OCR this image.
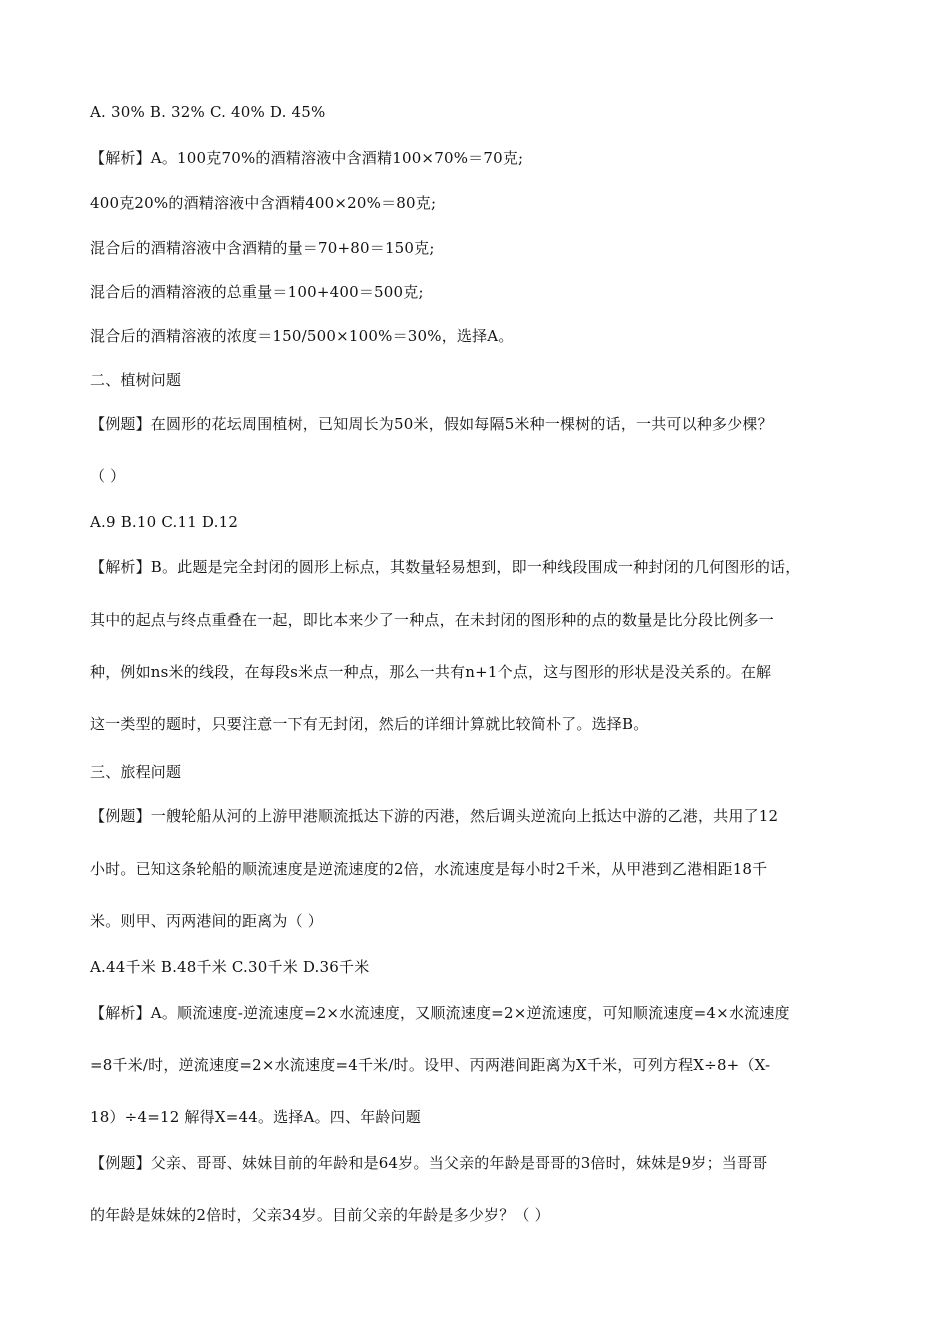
A. 30% B. 32% C. 40% D. 45%
【解析】A。100克70%的酒精溶液中含酒精100×70%＝70克;
400克20%的酒精溶液中含酒精400×20%＝80克;
混合后的酒精溶液中含酒精的量＝70+80＝150克;
混合后的酒精溶液的总重量＝100+400＝500克;
混合后的酒精溶液的浓度＝150/500×100%＝30%，选择A。
二、植树问题
【例题】在圆形的花坛周围植树，已知周长为50米，假如每隔5米种一棵树的话，一共可以种多少棵？
（ ）
A.9 B.10 C.11 D.12
【解析】B。此题是完全封闭的圆形上标点，其数量轻易想到，即一种线段围成一种封闭的几何图形的话，
其中的起点与终点重叠在一起，即比本来少了一种点，在未封闭的图形种的点的数量是比分段比例多一
种，例如ns米的线段，在每段s米点一种点，那么一共有n+1个点，这与图形的形状是没关系的。在解
这一类型的题时，只要注意一下有无封闭，然后的详细计算就比较简朴了。选择B。
三、旅程问题
【例题】一艘轮船从河的上游甲港顺流抵达下游的丙港，然后调头逆流向上抵达中游的乙港，共用了12
小时。已知这条轮船的顺流速度是逆流速度的2倍，水流速度是每小时2千米，从甲港到乙港相距18千
米。则甲、丙两港间的距离为（ ）
A.44千米 B.48千米 C.30千米 D.36千米
【解析】A。顺流速度-逆流速度=2×水流速度，又顺流速度=2×逆流速度，可知顺流速度=4×水流速度
=8千米/时，逆流速度=2×水流速度=4千米/时。设甲、丙两港间距离为X千米，可列方程X÷8+（X-
18）÷4=12 解得X=44。选择A。四、年龄问题
【例题】父亲、哥哥、妹妹目前的年龄和是64岁。当父亲的年龄是哥哥的3倍时，妹妹是9岁；当哥哥
的年龄是妹妹的2倍时，父亲34岁。目前父亲的年龄是多少岁？（ ）
